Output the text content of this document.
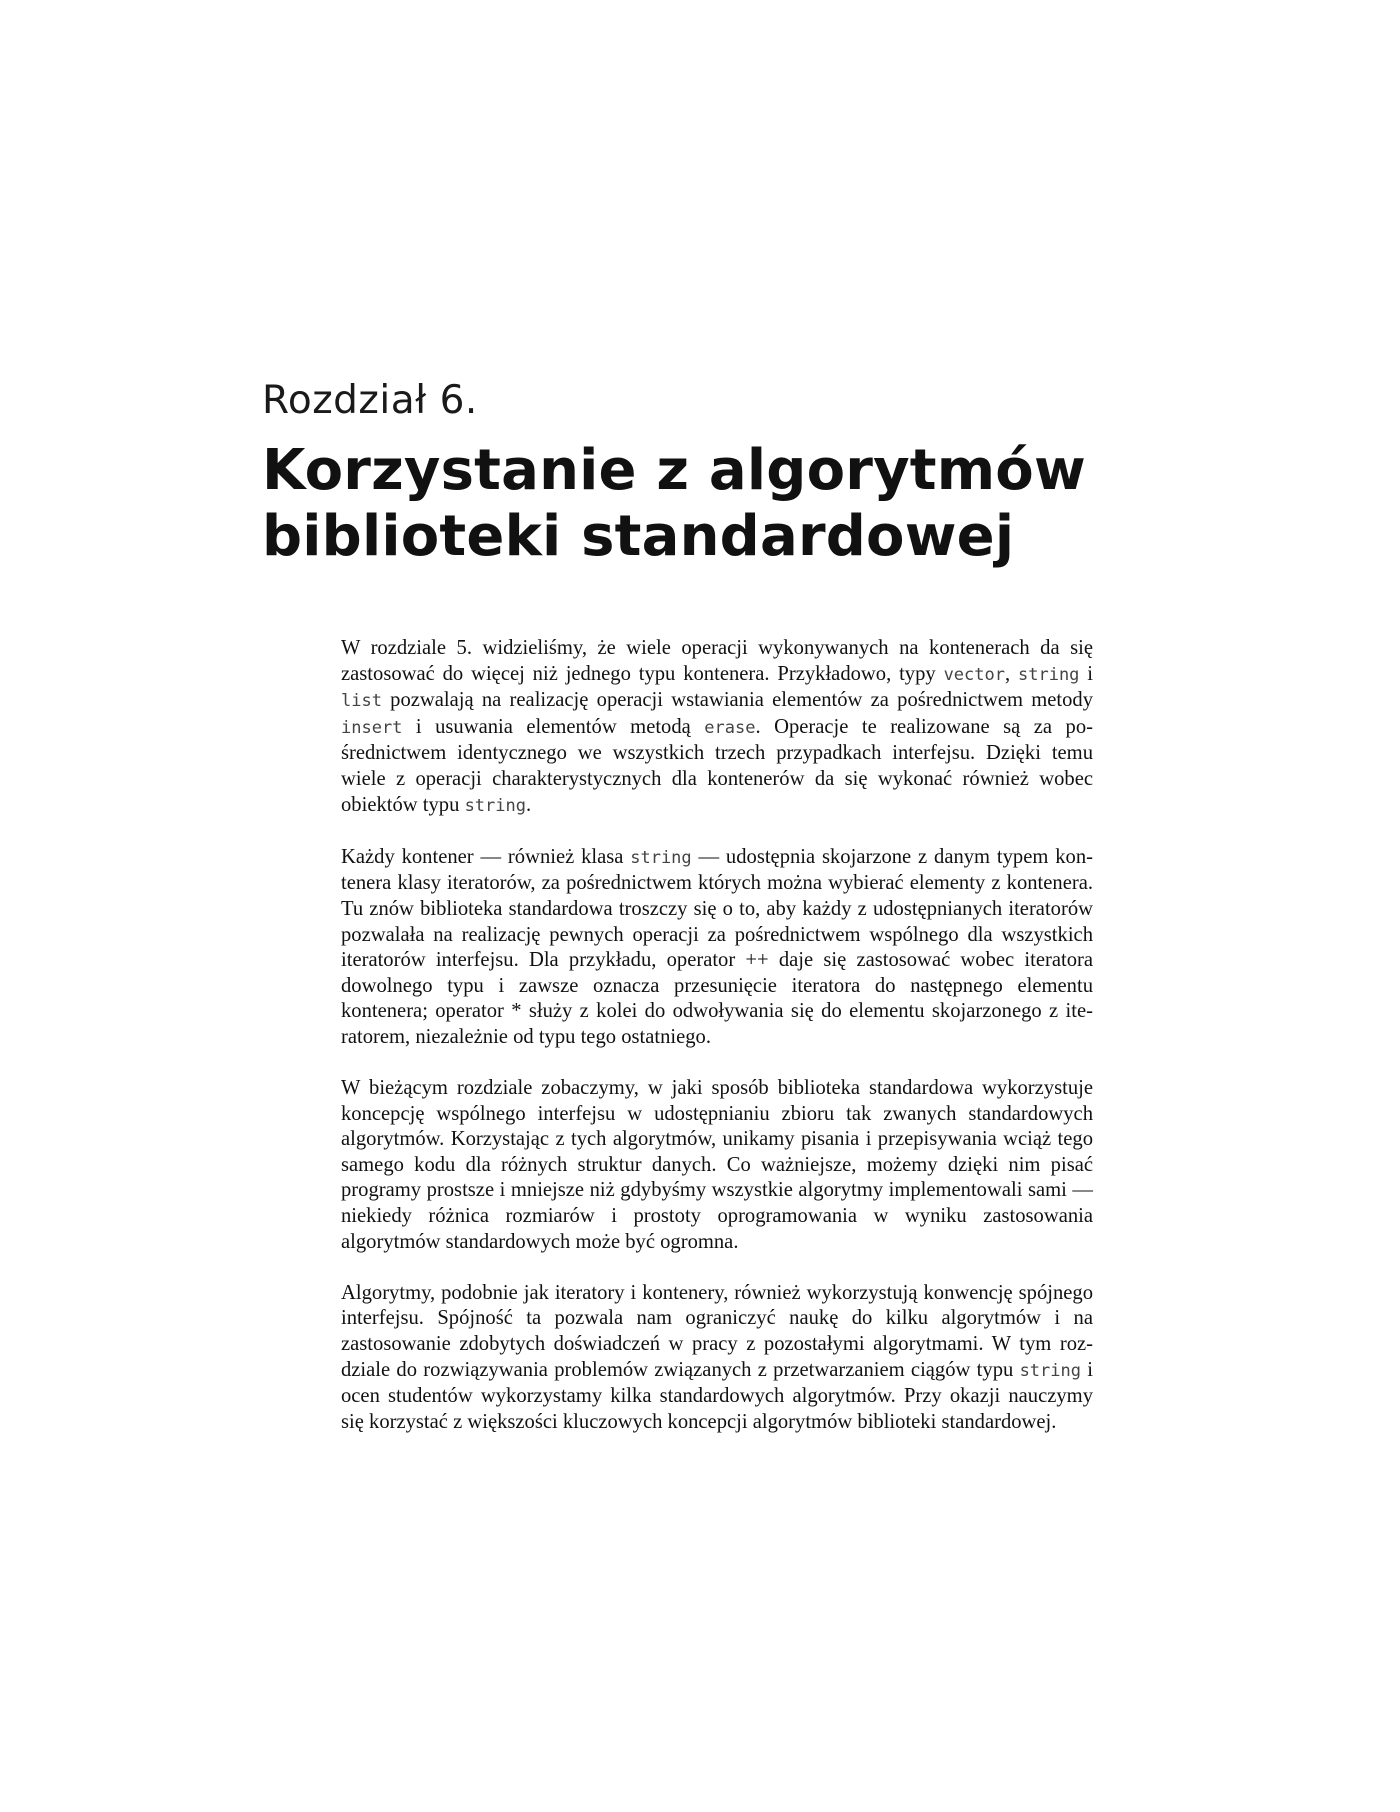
Rozdział 6.
Korzystanie z algorytmów
biblioteki standardowej

W rozdziale 5. widzieliśmy, że wiele operacji wykonywanych na kontenerach da się zastosować do więcej niż jednego typu kontenera. Przykładowo, typy vector, string i list pozwalają na realizację operacji wstawiania elementów za pośrednictwem metody insert i usuwania elementów metodą erase. Operacje te realizowane są za pośrednictwem identycznego we wszystkich trzech przypadkach interfejsu. Dzięki temu wiele z operacji charakterystycznych dla kontenerów da się wykonać również wobec obiektów typu string.

Każdy kontener — również klasa string — udostępnia skojarzone z danym typem kontenera klasy iteratorów, za pośrednictwem których można wybierać elementy z kontenera. Tu znów biblioteka standardowa troszczy się o to, aby każdy z udostępnianych iteratorów pozwalała na realizację pewnych operacji za pośrednictwem wspólnego dla wszystkich iteratorów interfejsu. Dla przykładu, operator ++ daje się zastosować wobec iteratora dowolnego typu i zawsze oznacza przesunięcie iteratora do następnego elementu kontenera; operator * służy z kolei do odwoływania się do elementu skojarzonego z iteratorem, niezależnie od typu tego ostatniego.

W bieżącym rozdziale zobaczymy, w jaki sposób biblioteka standardowa wykorzystuje koncepcję wspólnego interfejsu w udostępnianiu zbioru tak zwanych standardowych algorytmów. Korzystając z tych algorytmów, unikamy pisania i przepisywania wciąż tego samego kodu dla różnych struktur danych. Co ważniejsze, możemy dzięki nim pisać programy prostsze i mniejsze niż gdybyśmy wszystkie algorytmy implementowali sami — niekiedy różnica rozmiarów i prostoty oprogramowania w wyniku zastosowania algorytmów standardowych może być ogromna.

Algorytmy, podobnie jak iteratory i kontenery, również wykorzystują konwencję spójnego interfejsu. Spójność ta pozwala nam ograniczyć naukę do kilku algorytmów i na zastosowanie zdobytych doświadczeń w pracy z pozostałymi algorytmami. W tym rozdziale do rozwiązywania problemów związanych z przetwarzaniem ciągów typu string i ocen studentów wykorzystamy kilka standardowych algorytmów. Przy okazji nauczymy się korzystać z większości kluczowych koncepcji algorytmów biblioteki standardowej.
